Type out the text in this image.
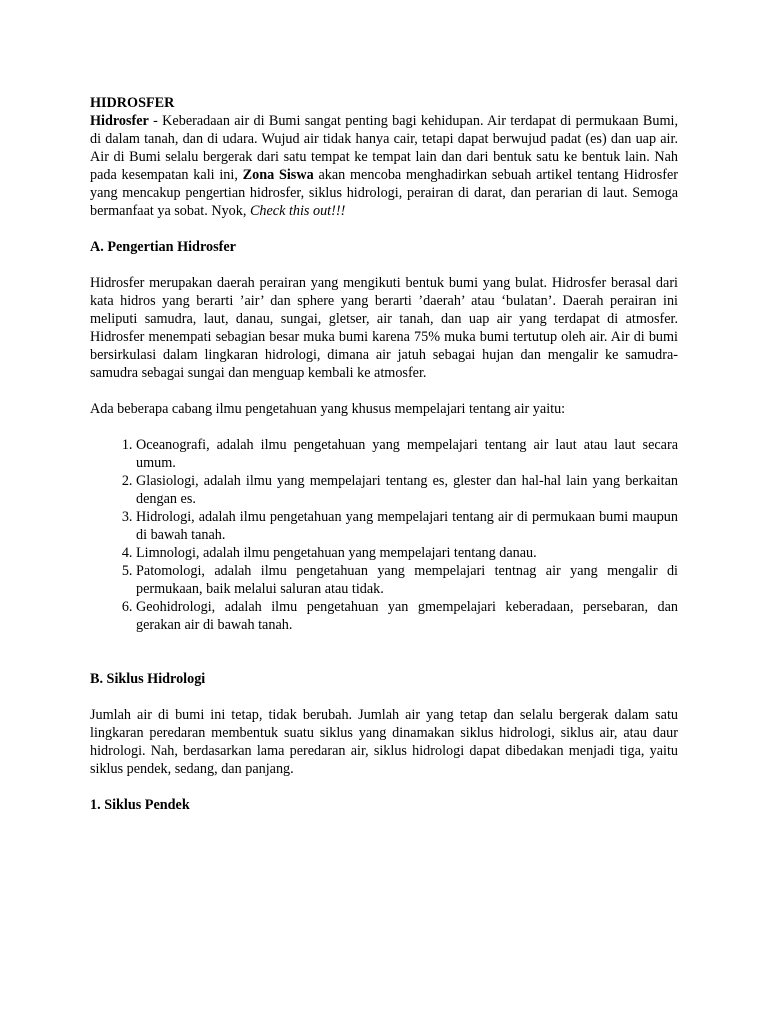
HIDROSFER

Hidrosfer - Keberadaan air di Bumi sangat penting bagi kehidupan. Air terdapat di permukaan Bumi, di dalam tanah, dan di udara. Wujud air tidak hanya cair, tetapi dapat berwujud padat (es) dan uap air. Air di Bumi selalu bergerak dari satu tempat ke tempat lain dan dari bentuk satu ke bentuk lain. Nah pada kesempatan kali ini, Zona Siswa akan mencoba menghadirkan sebuah artikel tentang Hidrosfer yang mencakup pengertian hidrosfer, siklus hidrologi, perairan di darat, dan perarian di laut. Semoga bermanfaat ya sobat. Nyok, Check this out!!!

A. Pengertian Hidrosfer

Hidrosfer merupakan daerah perairan yang mengikuti bentuk bumi yang bulat. Hidrosfer berasal dari kata hidros yang berarti ’air’ dan sphere yang berarti ’daerah’ atau ‘bulatan’. Daerah perairan ini meliputi samudra, laut, danau, sungai, gletser, air tanah, dan uap air yang terdapat di atmosfer. Hidrosfer menempati sebagian besar muka bumi karena 75% muka bumi tertutup oleh air. Air di bumi bersirkulasi dalam lingkaran hidrologi, dimana air jatuh sebagai hujan dan mengalir ke samudra-samudra sebagai sungai dan menguap kembali ke atmosfer.

Ada beberapa cabang ilmu pengetahuan yang khusus mempelajari tentang air yaitu:

1. Oceanografi, adalah ilmu pengetahuan yang mempelajari tentang air laut atau laut secara umum.
2. Glasiologi, adalah ilmu yang mempelajari tentang es, glester dan hal-hal lain yang berkaitan dengan es.
3. Hidrologi, adalah ilmu pengetahuan yang mempelajari tentang air di permukaan bumi maupun di bawah tanah.
4. Limnologi, adalah ilmu pengetahuan yang mempelajari tentang danau.
5. Patomologi, adalah ilmu pengetahuan yang mempelajari tentnag air yang mengalir di permukaan, baik melalui saluran atau tidak.
6. Geohidrologi, adalah ilmu pengetahuan yan gmempelajari keberadaan, persebaran, dan gerakan air di bawah tanah.
B. Siklus Hidrologi

Jumlah air di bumi ini tetap, tidak berubah. Jumlah air yang tetap dan selalu bergerak dalam satu lingkaran peredaran membentuk suatu siklus yang dinamakan siklus hidrologi, siklus air, atau daur hidrologi. Nah, berdasarkan lama peredaran air, siklus hidrologi dapat dibedakan menjadi tiga, yaitu siklus pendek, sedang, dan panjang.

1. Siklus Pendek
